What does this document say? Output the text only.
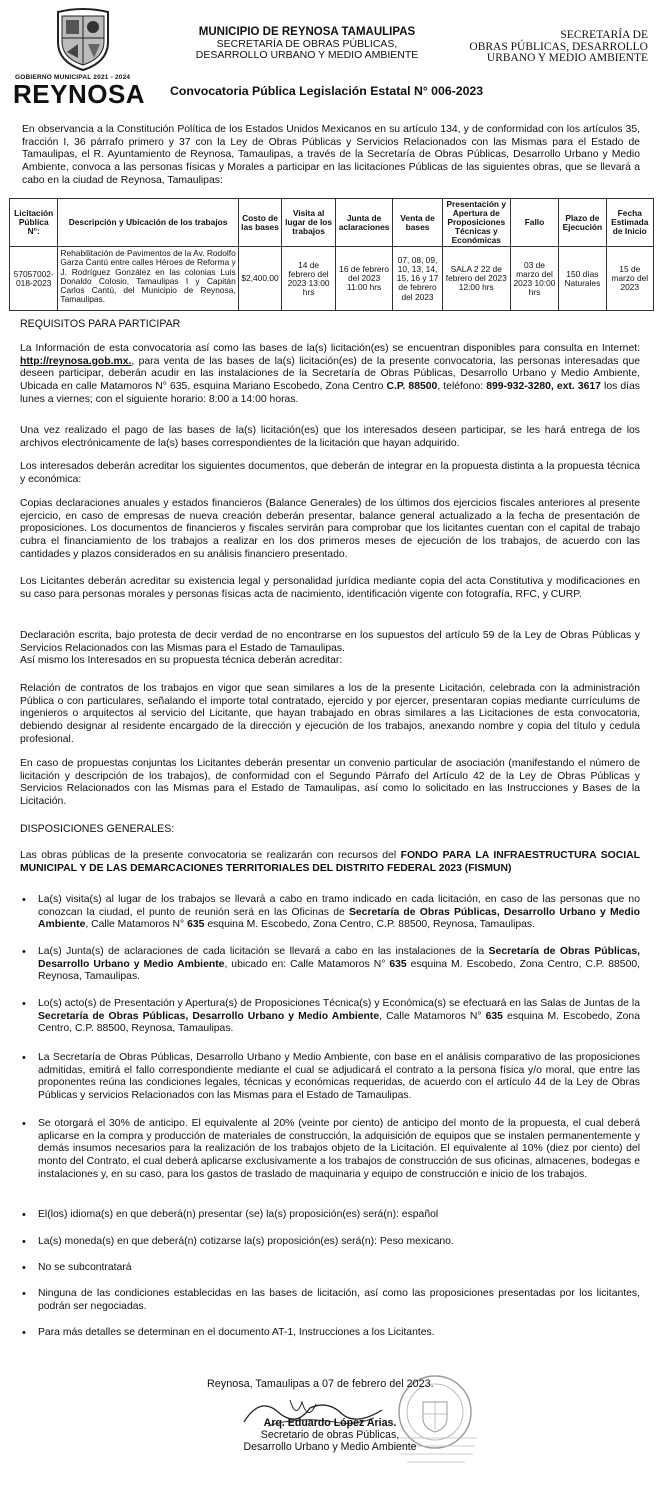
GOBIERNO MUNICIPAL 2021 - 2024
REYNOSA
MUNICIPIO DE REYNOSA TAMAULIPAS
SECRETARÍA DE OBRAS PÚBLICAS,
DESARROLLO URBANO Y MEDIO AMBIENTE
SECRETARÍA DE
OBRAS PÚBLICAS, DESARROLLO
URBANO Y MEDIO AMBIENTE
Convocatoria Pública Legislación Estatal N° 006-2023
En observancia a la Constitución Política de los Estados Unidos Mexicanos en su artículo 134, y de conformidad con los artículos 35, fracción I, 36 párrafo primero y 37 con la Ley de Obras Públicas y Servicios Relacionados con las Mismas para el Estado de Tamaulipas, el R. Ayuntamiento de Reynosa, Tamaulipas, a través de la Secretaría de Obras Públicas, Desarrollo Urbano y Medio Ambiente, convoca a las personas físicas y Morales a participar en las licitaciones Públicas de las siguientes obras, que se llevará a cabo en la ciudad de Reynosa, Tamaulipas:
Licitación Pública N°:	Descripción y Ubicación de los trabajos	Costo de las bases	Visita al lugar de los trabajos	Junta de aclaraciones	Venta de bases	Presentación y Apertura de Proposiciones Técnicas y Económicas	Fallo	Plazo de Ejecución	Fecha Estimada de Inicio
57057002-018-2023	Rehabilitación de Pavimentos de la Av. Rodolfo Garza Cantú entre calles Héroes de Reforma y J. Rodríguez González en las colonias Luis Donaldo Colosio, Tamaulipas I y Capitán Carlos Cantú, del Municipio de Reynosa, Tamaulipas.	$2,400.00	14 de febrero del 2023 13:00 hrs	16 de febrero del 2023 11:00 hrs	07, 08, 09, 10, 13, 14, 15, 16 y 17 de febrero del 2023	SALA 2 22 de febrero del 2023 12:00 hrs	03 de marzo del 2023 10:00 hrs	150 días Naturales	15 de marzo del 2023
REQUISITOS PARA PARTICIPAR
La Información de esta convocatoria así como las bases de la(s) licitación(es) se encuentran disponibles para consulta en Internet: http://reynosa.gob.mx., para venta de las bases de la(s) licitación(es) de la presente convocatoria, las personas interesadas que deseen participar, deberán acudir en las instalaciones de la Secretaría de Obras Públicas, Desarrollo Urbano y Medio Ambiente, Ubicada en calle Matamoros N° 635, esquina Mariano Escobedo, Zona Centro C.P. 88500, teléfono: 899-932-3280, ext. 3617 los días lunes a viernes; con el siguiente horario: 8:00 a 14:00 horas.
Una vez realizado el pago de las bases de la(s) licitación(es) que los interesados deseen participar, se les hará entrega de los archivos electrónicamente de la(s) bases correspondientes de la licitación que hayan adquirido.
Los interesados deberán acreditar los siguientes documentos, que deberán de integrar en la propuesta distinta a la propuesta técnica y económica:
Copias declaraciones anuales y estados financieros (Balance Generales) de los últimos dos ejercicios fiscales anteriores al presente ejercicio, en caso de empresas de nueva creación deberán presentar, balance general actualizado a la fecha de presentación de proposiciones. Los documentos de financieros y fiscales servirán para comprobar que los licitantes cuentan con el capital de trabajo cubra el financiamiento de los trabajos a realizar en los dos primeros meses de ejecución de los trabajos, de acuerdo con las cantidades y plazos considerados en su análisis financiero presentado.
Los Licitantes deberán acreditar su existencia legal y personalidad jurídica mediante copia del acta Constitutiva y modificaciones en su caso para personas morales y personas físicas acta de nacimiento, identificación vigente con fotografía, RFC, y CURP.
Declaración escrita, bajo protesta de decir verdad de no encontrarse en los supuestos del artículo 59 de la Ley de Obras Públicas y Servicios Relacionados con las Mismas para el Estado de Tamaulipas.
Así mismo los Interesados en su propuesta técnica deberán acreditar:
Relación de contratos de los trabajos en vigor que sean similares a los de la presente Licitación, celebrada con la administración Pública o con particulares, señalando el importe total contratado, ejercido y por ejercer, presentaran copias mediante currículums de ingenieros o arquitectos al servicio del Licitante, que hayan trabajado en obras similares a las Licitaciones de esta convocatoria, debiendo designar al residente encargado de la dirección y ejecución de los trabajos, anexando nombre y copia del título y cedula profesional.
En caso de propuestas conjuntas los Licitantes deberán presentar un convenio particular de asociación (manifestando el número de licitación y descripción de los trabajos), de conformidad con el Segundo Párrafo del Artículo 42 de la Ley de Obras Públicas y Servicios Relacionados con las Mismas para el Estado de Tamaulipas, así como lo solicitado en las Instrucciones y Bases de la Licitación.
DISPOSICIONES GENERALES:
Las obras públicas de la presente convocatoria se realizarán con recursos del FONDO PARA LA INFRAESTRUCTURA SOCIAL MUNICIPAL Y DE LAS DEMARCACIONES TERRITORIALES DEL DISTRITO FEDERAL 2023 (FISMUN)
• La(s) visita(s) al lugar de los trabajos se llevará a cabo en tramo indicado en cada licitación, en caso de las personas que no conozcan la ciudad, el punto de reunión será en las Oficinas de Secretaría de Obras Públicas, Desarrollo Urbano y Medio Ambiente, Calle Matamoros N° 635 esquina M. Escobedo, Zona Centro, C.P. 88500, Reynosa, Tamaulipas.
• La(s) Junta(s) de aclaraciones de cada licitación se llevará a cabo en las instalaciones de la Secretaría de Obras Públicas, Desarrollo Urbano y Medio Ambiente, ubicado en: Calle Matamoros N° 635 esquina M. Escobedo, Zona Centro, C.P. 88500, Reynosa, Tamaulipas.
• Lo(s) acto(s) de Presentación y Apertura(s) de Proposiciones Técnica(s) y Económica(s) se efectuará en las Salas de Juntas de la Secretaría de Obras Públicas, Desarrollo Urbano y Medio Ambiente, Calle Matamoros N° 635 esquina M. Escobedo, Zona Centro, C.P. 88500, Reynosa, Tamaulipas.
• La Secretaría de Obras Públicas, Desarrollo Urbano y Medio Ambiente, con base en el análisis comparativo de las proposiciones admitidas, emitirá el fallo correspondiente mediante el cual se adjudicará el contrato a la persona física y/o moral, que entre las proponentes reúna las condiciones legales, técnicas y económicas requeridas, de acuerdo con el artículo 44 de la Ley de Obras Públicas y servicios Relacionados con las Mismas para el Estado de Tamaulipas.
• Se otorgará el 30% de anticipo. El equivalente al 20% (veinte por ciento) de anticipo del monto de la propuesta, el cual deberá aplicarse en la compra y producción de materiales de construcción, la adquisición de equipos que se instalen permanentemente y demás insumos necesarios para la realización de los trabajos objeto de la Licitación. El equivalente al 10% (diez por ciento) del monto del Contrato, el cual deberá aplicarse exclusivamente a los trabajos de construcción de sus oficinas, almacenes, bodegas e instalaciones y, en su caso, para los gastos de traslado de maquinaria y equipo de construcción e inicio de los trabajos.
• El(los) idioma(s) en que deberá(n) presentar (se) la(s) proposición(es) será(n): español
• La(s) moneda(s) en que deberá(n) cotizarse la(s) proposición(es) será(n): Peso mexicano.
• No se subcontratará
• Ninguna de las condiciones establecidas en las bases de licitación, así como las proposiciones presentadas por los licitantes, podrán ser negociadas.
• Para más detalles se determinan en el documento AT-1, Instrucciones a los Licitantes.
Reynosa, Tamaulipas a 07 de febrero del 2023.
Arq. Eduardo López Arias.
Secretario de obras Públicas,
Desarrollo Urbano y Medio Ambiente
